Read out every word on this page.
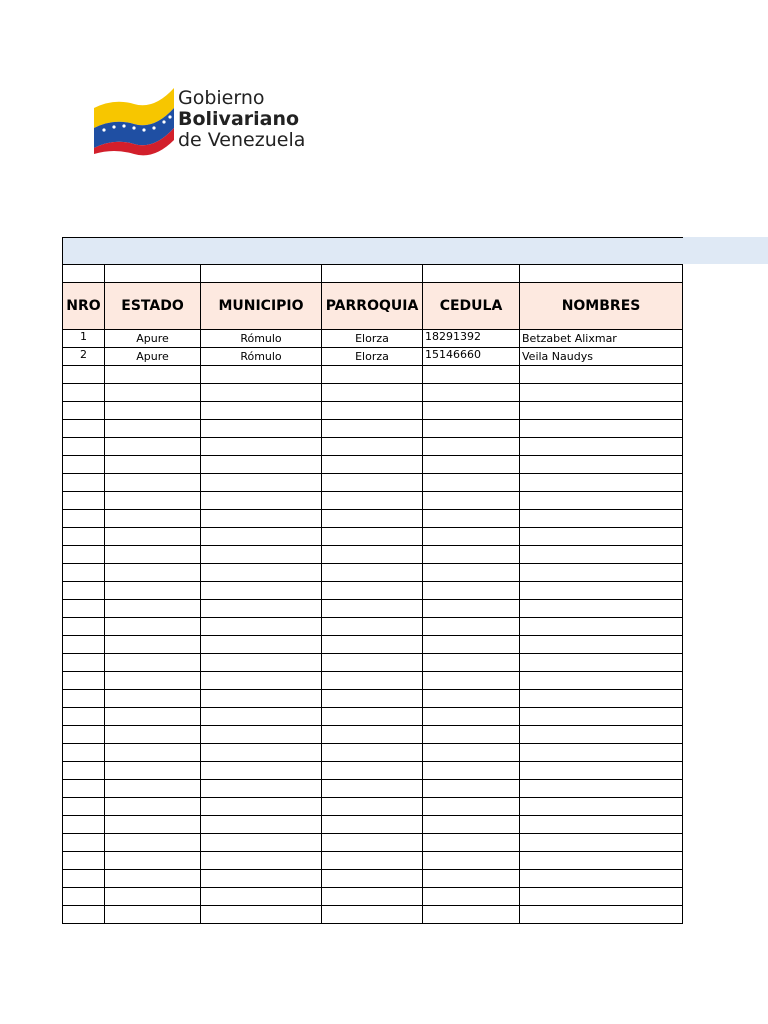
Gobierno
Bolivariano
de Venezuela

NRO	ESTADO	MUNICIPIO	PARROQUIA	CEDULA	NOMBRES
1	Apure	Rómulo	Elorza	18291392	Betzabet Alixmar
2	Apure	Rómulo	Elorza	15146660	Veila Naudys
